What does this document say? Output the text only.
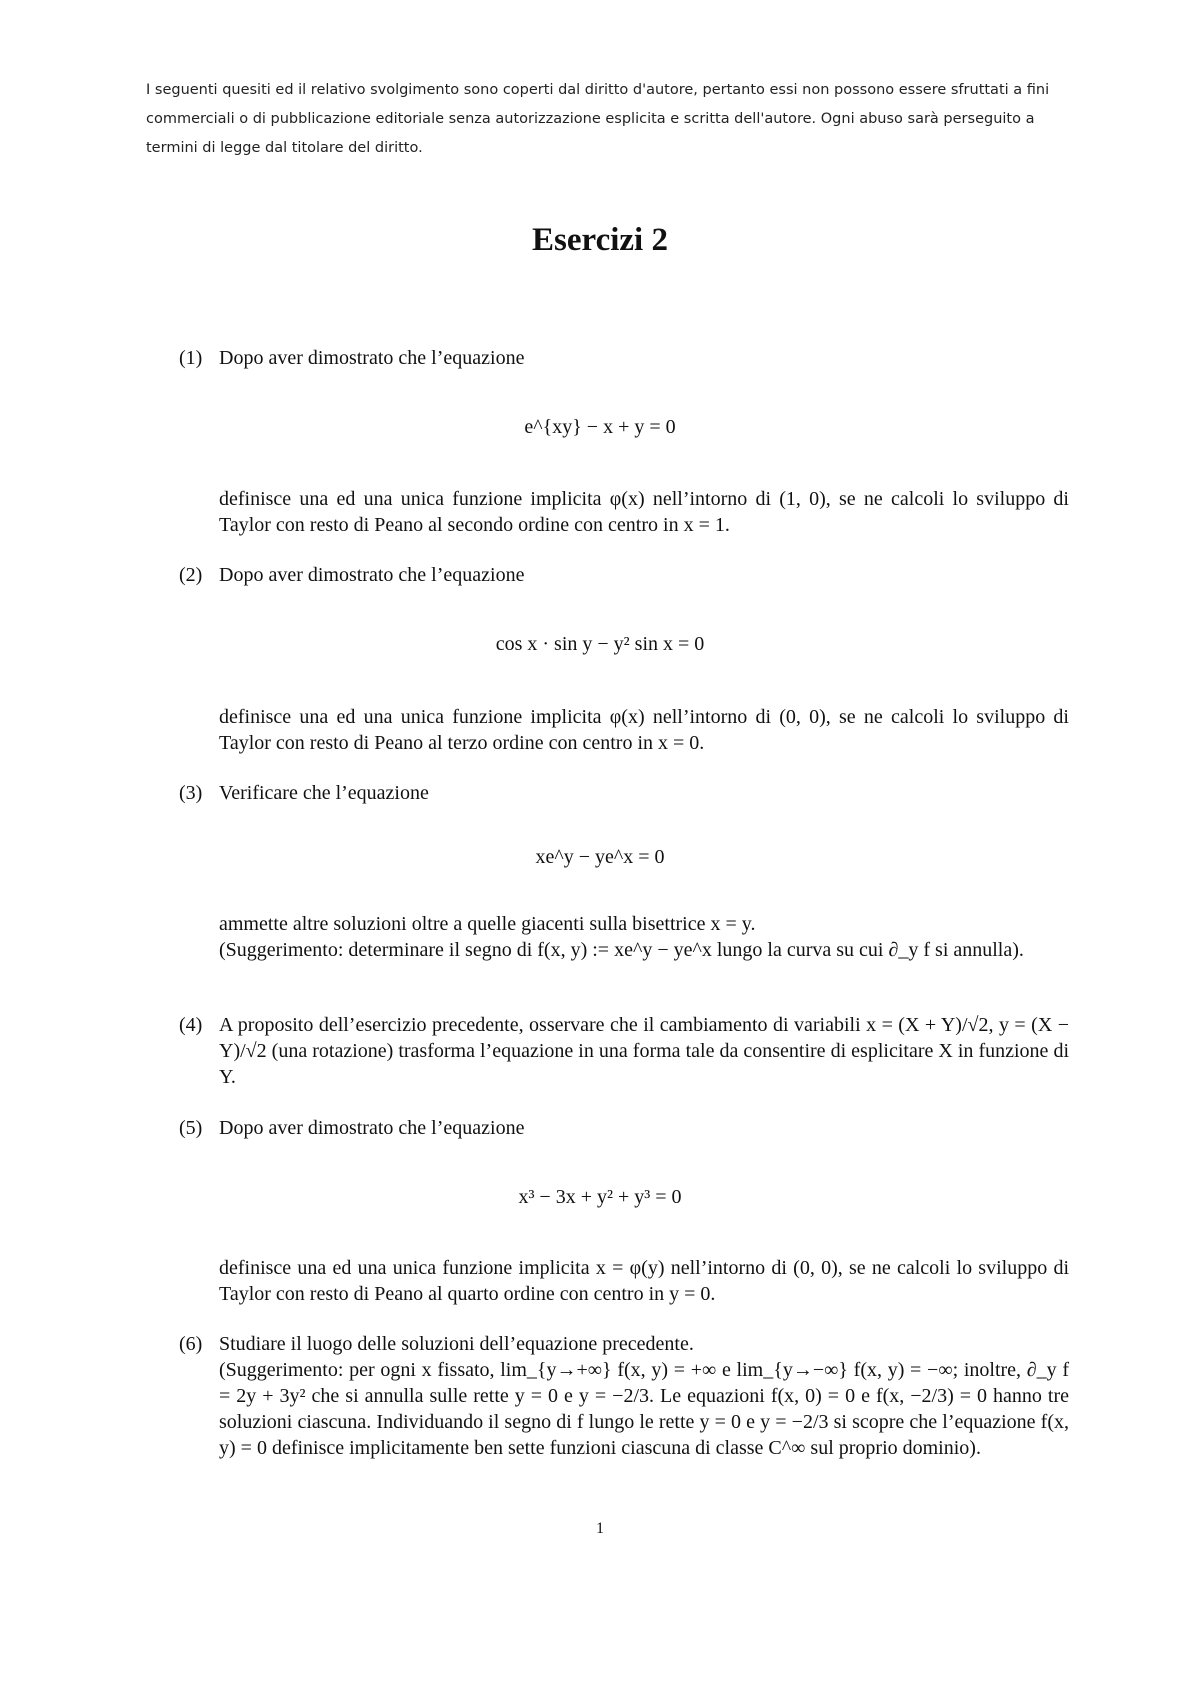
I seguenti quesiti ed il relativo svolgimento sono coperti dal diritto d'autore, pertanto essi non possono essere sfruttati a fini commerciali o di pubblicazione editoriale senza autorizzazione esplicita e scritta dell'autore. Ogni abuso sarà perseguito a termini di legge dal titolare del diritto.
Esercizi 2
(1) Dopo aver dimostrato che l’equazione
e^{xy} − x + y = 0
definisce una ed una unica funzione implicita φ(x) nell’intorno di (1, 0), se ne calcoli lo sviluppo di Taylor con resto di Peano al secondo ordine con centro in x = 1.
(2) Dopo aver dimostrato che l’equazione
cos x · sin y − y² sin x = 0
definisce una ed una unica funzione implicita φ(x) nell’intorno di (0, 0), se ne calcoli lo sviluppo di Taylor con resto di Peano al terzo ordine con centro in x = 0.
(3) Verificare che l’equazione
xe^y − ye^x = 0
ammette altre soluzioni oltre a quelle giacenti sulla bisettrice x = y.
(Suggerimento: determinare il segno di f(x, y) := xe^y − ye^x lungo la curva su cui ∂_y f si annulla).
(4) A proposito dell’esercizio precedente, osservare che il cambiamento di variabili x = (X + Y)/√2, y = (X − Y)/√2 (una rotazione) trasforma l’equazione in una forma tale da consentire di esplicitare X in funzione di Y.
(5) Dopo aver dimostrato che l’equazione
x³ − 3x + y² + y³ = 0
definisce una ed una unica funzione implicita x = φ(y) nell’intorno di (0, 0), se ne calcoli lo sviluppo di Taylor con resto di Peano al quarto ordine con centro in y = 0.
(6) Studiare il luogo delle soluzioni dell’equazione precedente.
(Suggerimento: per ogni x fissato, lim_{y→+∞} f(x, y) = +∞ e lim_{y→−∞} f(x, y) = −∞; inoltre, ∂_y f = 2y + 3y² che si annulla sulle rette y = 0 e y = −2/3. Le equazioni f(x, 0) = 0 e f(x, −2/3) = 0 hanno tre soluzioni ciascuna. Individuando il segno di f lungo le rette y = 0 e y = −2/3 si scopre che l’equazione f(x, y) = 0 definisce implicitamente ben sette funzioni ciascuna di classe C^∞ sul proprio dominio).
1
